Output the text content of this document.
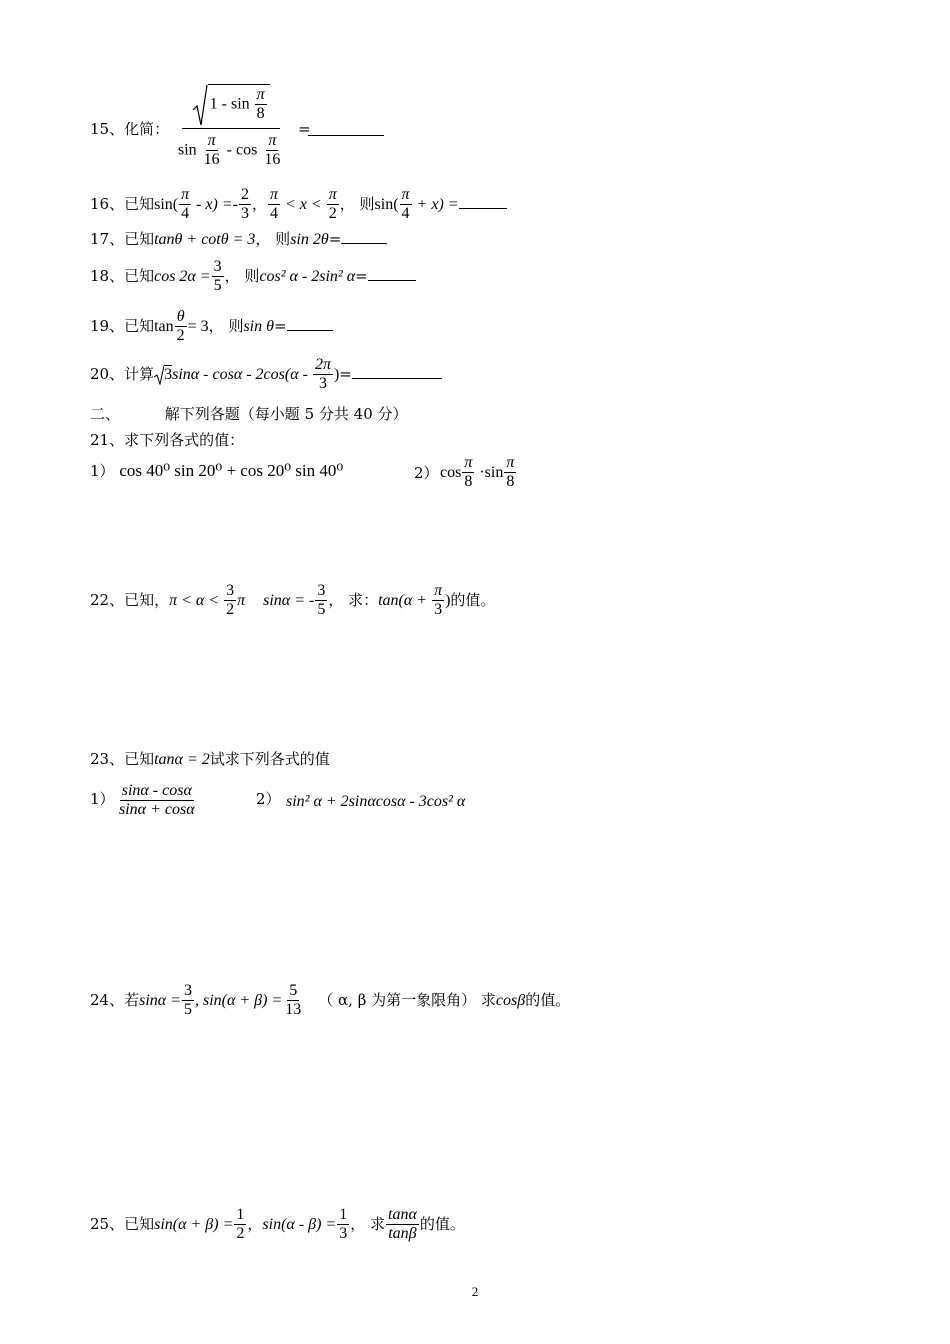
15、化简：
$1 - \sin \frac{\pi}{8}$
$\sin \frac{\pi}{16}$ - $\cos \frac{\pi}{16}$
=
16、已知$\sin( \frac{\pi}{4} - x) =- \frac{2}{3}$ ， $\frac{\pi}{4} < x < \frac{\pi}{2}$ ， 则$\sin( \frac{\pi}{4} + x)$ =
17、已知tanθ + cotθ = 3， 则sin 2θ=
18、已知$\cos 2\alpha = \frac{3}{5}$ ， 则cos² α - 2sin² α=
19、已知$\tan \frac{\theta}{2} = 3$， 则sin θ=
20、计算 3sinα - cosα - $2\cos(\alpha - \frac{2\pi}{3}$ )=
二、	解下列各题（每小题 5 分共 40 分）
21、求下列各式的值：
1） cos 40⁰ sin 20⁰ + cos 20⁰ sin 40⁰	2） $\cos \frac{\pi}{8} \cdot\sin \frac{\pi}{8}$
22、已知，$\pi < \alpha < \frac{3}{2}$ π sinα = - $\frac{3}{5}$ ， 求：$\tan(\alpha + \frac{\pi}{3}$ )的值。
23、已知tanα = 2试求下列各式的值
$1) \frac{\sin\alpha - \cos\alpha}{\sin\alpha + \cos\alpha}$	2） sin² α + 2sinαcosα - 3cos² α
24、若$\sin\alpha = \frac{3}{5}$ , $\sin(\alpha + \beta) = \frac{5}{13}$ （ α, β 为第一象限角） 求cosβ的值。
25、已知$\sin(\alpha + \beta) = \frac{1}{2}$ ，$\sin(\alpha - \beta) = \frac{1}{3}$ ， 求 $\frac{\tan\alpha}{\tan\beta}$ 的值。
2
